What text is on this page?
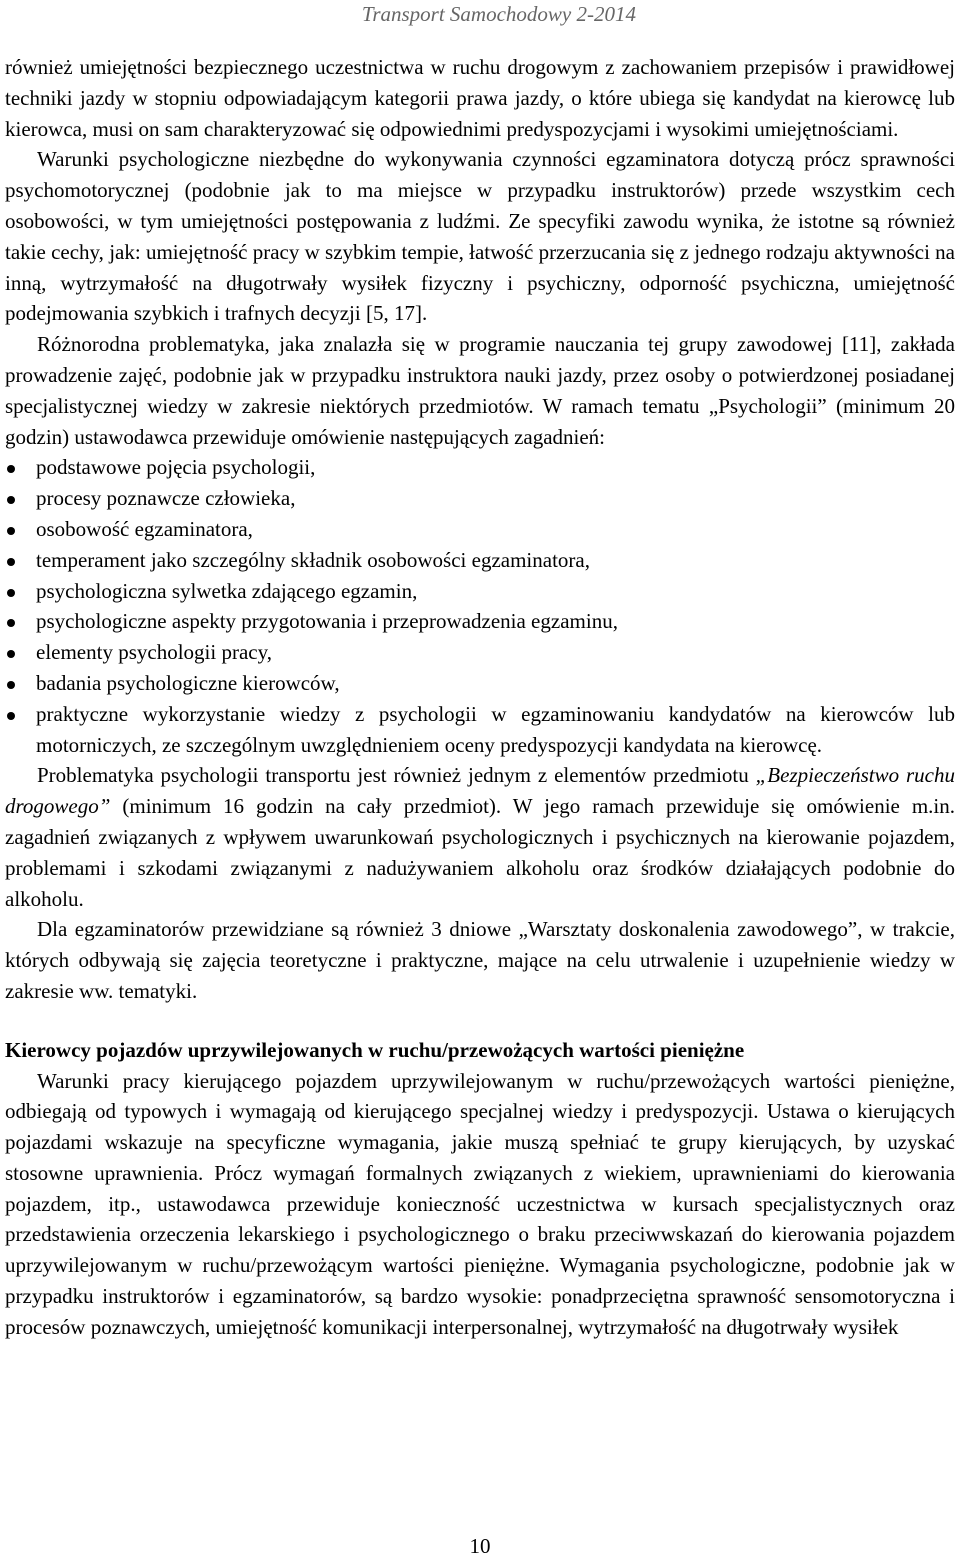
Transport Samochodowy 2-2014

również umiejętności bezpiecznego uczestnictwa w ruchu drogowym z zachowaniem przepisów i prawidłowej techniki jazdy w stopniu odpowiadającym kategorii prawa jazdy, o które ubiega się kandydat na kierowcę lub kierowca, musi on sam charakteryzować się odpowiednimi predyspozycjami i wysokimi umiejętnościami.

Warunki psychologiczne niezbędne do wykonywania czynności egzaminatora dotyczą prócz sprawności psychomotorycznej (podobnie jak to ma miejsce w przypadku instruktorów) przede wszystkim cech osobowości, w tym umiejętności postępowania z ludźmi. Ze specyfiki zawodu wynika, że istotne są również takie cechy, jak: umiejętność pracy w szybkim tempie, łatwość przerzucania się z jednego rodzaju aktywności na inną, wytrzymałość na długotrwały wysiłek fizyczny i psychiczny, odporność psychiczna, umiejętność podejmowania szybkich i trafnych decyzji [5, 17].

Różnorodna problematyka, jaka znalazła się w programie nauczania tej grupy zawodowej [11], zakłada prowadzenie zajęć, podobnie jak w przypadku instruktora nauki jazdy, przez osoby o potwierdzonej posiadanej specjalistycznej wiedzy w zakresie niektórych przedmiotów. W ramach tematu „Psychologii” (minimum 20 godzin) ustawodawca przewiduje omówienie następujących zagadnień:

podstawowe pojęcia psychologii,
procesy poznawcze człowieka,
osobowość egzaminatora,
temperament jako szczególny składnik osobowości egzaminatora,
psychologiczna sylwetka zdającego egzamin,
psychologiczne aspekty przygotowania i przeprowadzenia egzaminu,
elementy psychologii pracy,
badania psychologiczne kierowców,
praktyczne wykorzystanie wiedzy z psychologii w egzaminowaniu kandydatów na kierowców lub motorniczych, ze szczególnym uwzględnieniem oceny predyspozycji kandydata na kierowcę.

Problematyka psychologii transportu jest również jednym z elementów przedmiotu „Bezpieczeństwo ruchu drogowego” (minimum 16 godzin na cały przedmiot). W jego ramach przewiduje się omówienie m.in. zagadnień związanych z wpływem uwarunkowań psychologicznych i psychicznych na kierowanie pojazdem, problemami i szkodami związanymi z nadużywaniem alkoholu oraz środków działających podobnie do alkoholu.

Dla egzaminatorów przewidziane są również 3 dniowe „Warsztaty doskonalenia zawodowego”, w trakcie, których odbywają się zajęcia teoretyczne i praktyczne, mające na celu utrwalenie i uzupełnienie wiedzy w zakresie ww. tematyki.

Kierowcy pojazdów uprzywilejowanych w ruchu/przewożących wartości pieniężne

Warunki pracy kierującego pojazdem uprzywilejowanym w ruchu/przewożących wartości pieniężne, odbiegają od typowych i wymagają od kierującego specjalnej wiedzy i predyspozycji. Ustawa o kierujących pojazdami wskazuje na specyficzne wymagania, jakie muszą spełniać te grupy kierujących, by uzyskać stosowne uprawnienia. Prócz wymagań formalnych związanych z wiekiem, uprawnieniami do kierowania pojazdem, itp., ustawodawca przewiduje konieczność uczestnictwa w kursach specjalistycznych oraz przedstawienia orzeczenia lekarskiego i psychologicznego o braku przeciwwskazań do kierowania pojazdem uprzywilejowanym w ruchu/przewożącym wartości pieniężne. Wymagania psychologiczne, podobnie jak w przypadku instruktorów i egzaminatorów, są bardzo wysokie: ponadprzeciętna sprawność sensomotoryczna i procesów poznawczych, umiejętność komunikacji interpersonalnej, wytrzymałość na długotrwały wysiłek

10
